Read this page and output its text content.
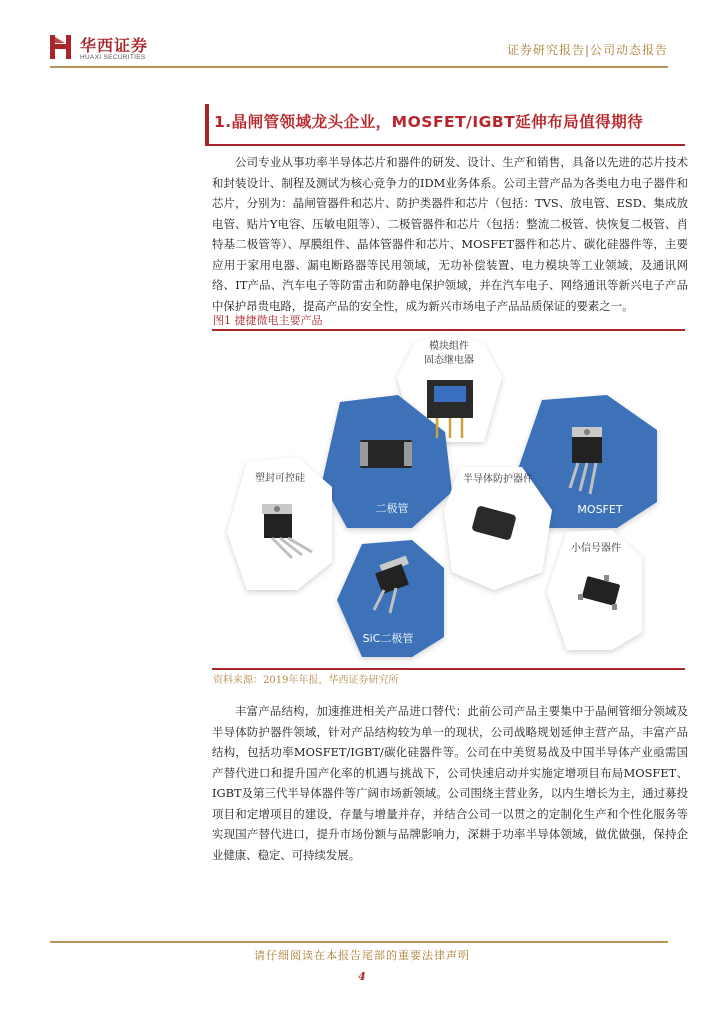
华西证券
HUAXI SECURITIES
证券研究报告|公司动态报告
1.晶闸管领域龙头企业，MOSFET/IGBT延伸布局值得期待

公司专业从事功率半导体芯片和器件的研发、设计、生产和销售，具备以先进的芯片技术和封装设计、制程及测试为核心竞争力的IDM业务体系。公司主营产品为各类电力电子器件和芯片，分别为：晶闸管器件和芯片、防护类器件和芯片（包括：TVS、放电管、ESD、集成放电管、贴片Y电容、压敏电阻等）、二极管器件和芯片（包括：整流二极管、快恢复二极管、肖特基二极管等）、厚膜组件、晶体管器件和芯片、MOSFET器件和芯片、碳化硅器件等，主要应用于家用电器、漏电断路器等民用领域，无功补偿装置、电力模块等工业领域，及通讯网络、IT产品、汽车电子等防雷击和防静电保护领域，并在汽车电子、网络通讯等新兴电子产品中保护昂贵电路，提高产品的安全性，成为新兴市场电子产品品质保证的要素之一。

图1 捷捷微电主要产品
模块组件
固态继电器
二极管	MOSFET
塑封可控硅	半导体防护器件
小信号器件
SiC二极管
资料来源：2019年年报，华西证券研究所

丰富产品结构，加速推进相关产品进口替代：此前公司产品主要集中于晶闸管细分领域及半导体防护器件领域，针对产品结构较为单一的现状，公司战略规划延伸主营产品，丰富产品结构，包括功率MOSFET/IGBT/碳化硅器件等。公司在中美贸易战及中国半导体产业亟需国产替代进口和提升国产化率的机遇与挑战下，公司快速启动并实施定增项目布局MOSFET、IGBT及第三代半导体器件等广阔市场新领域。公司围绕主营业务，以内生增长为主，通过募投项目和定增项目的建设，存量与增量并存，并结合公司一以贯之的定制化生产和个性化服务等实现国产替代进口，提升市场份额与品牌影响力，深耕于功率半导体领域，做优做强，保持企业健康、稳定、可持续发展。

请仔细阅读在本报告尾部的重要法律声明
4
